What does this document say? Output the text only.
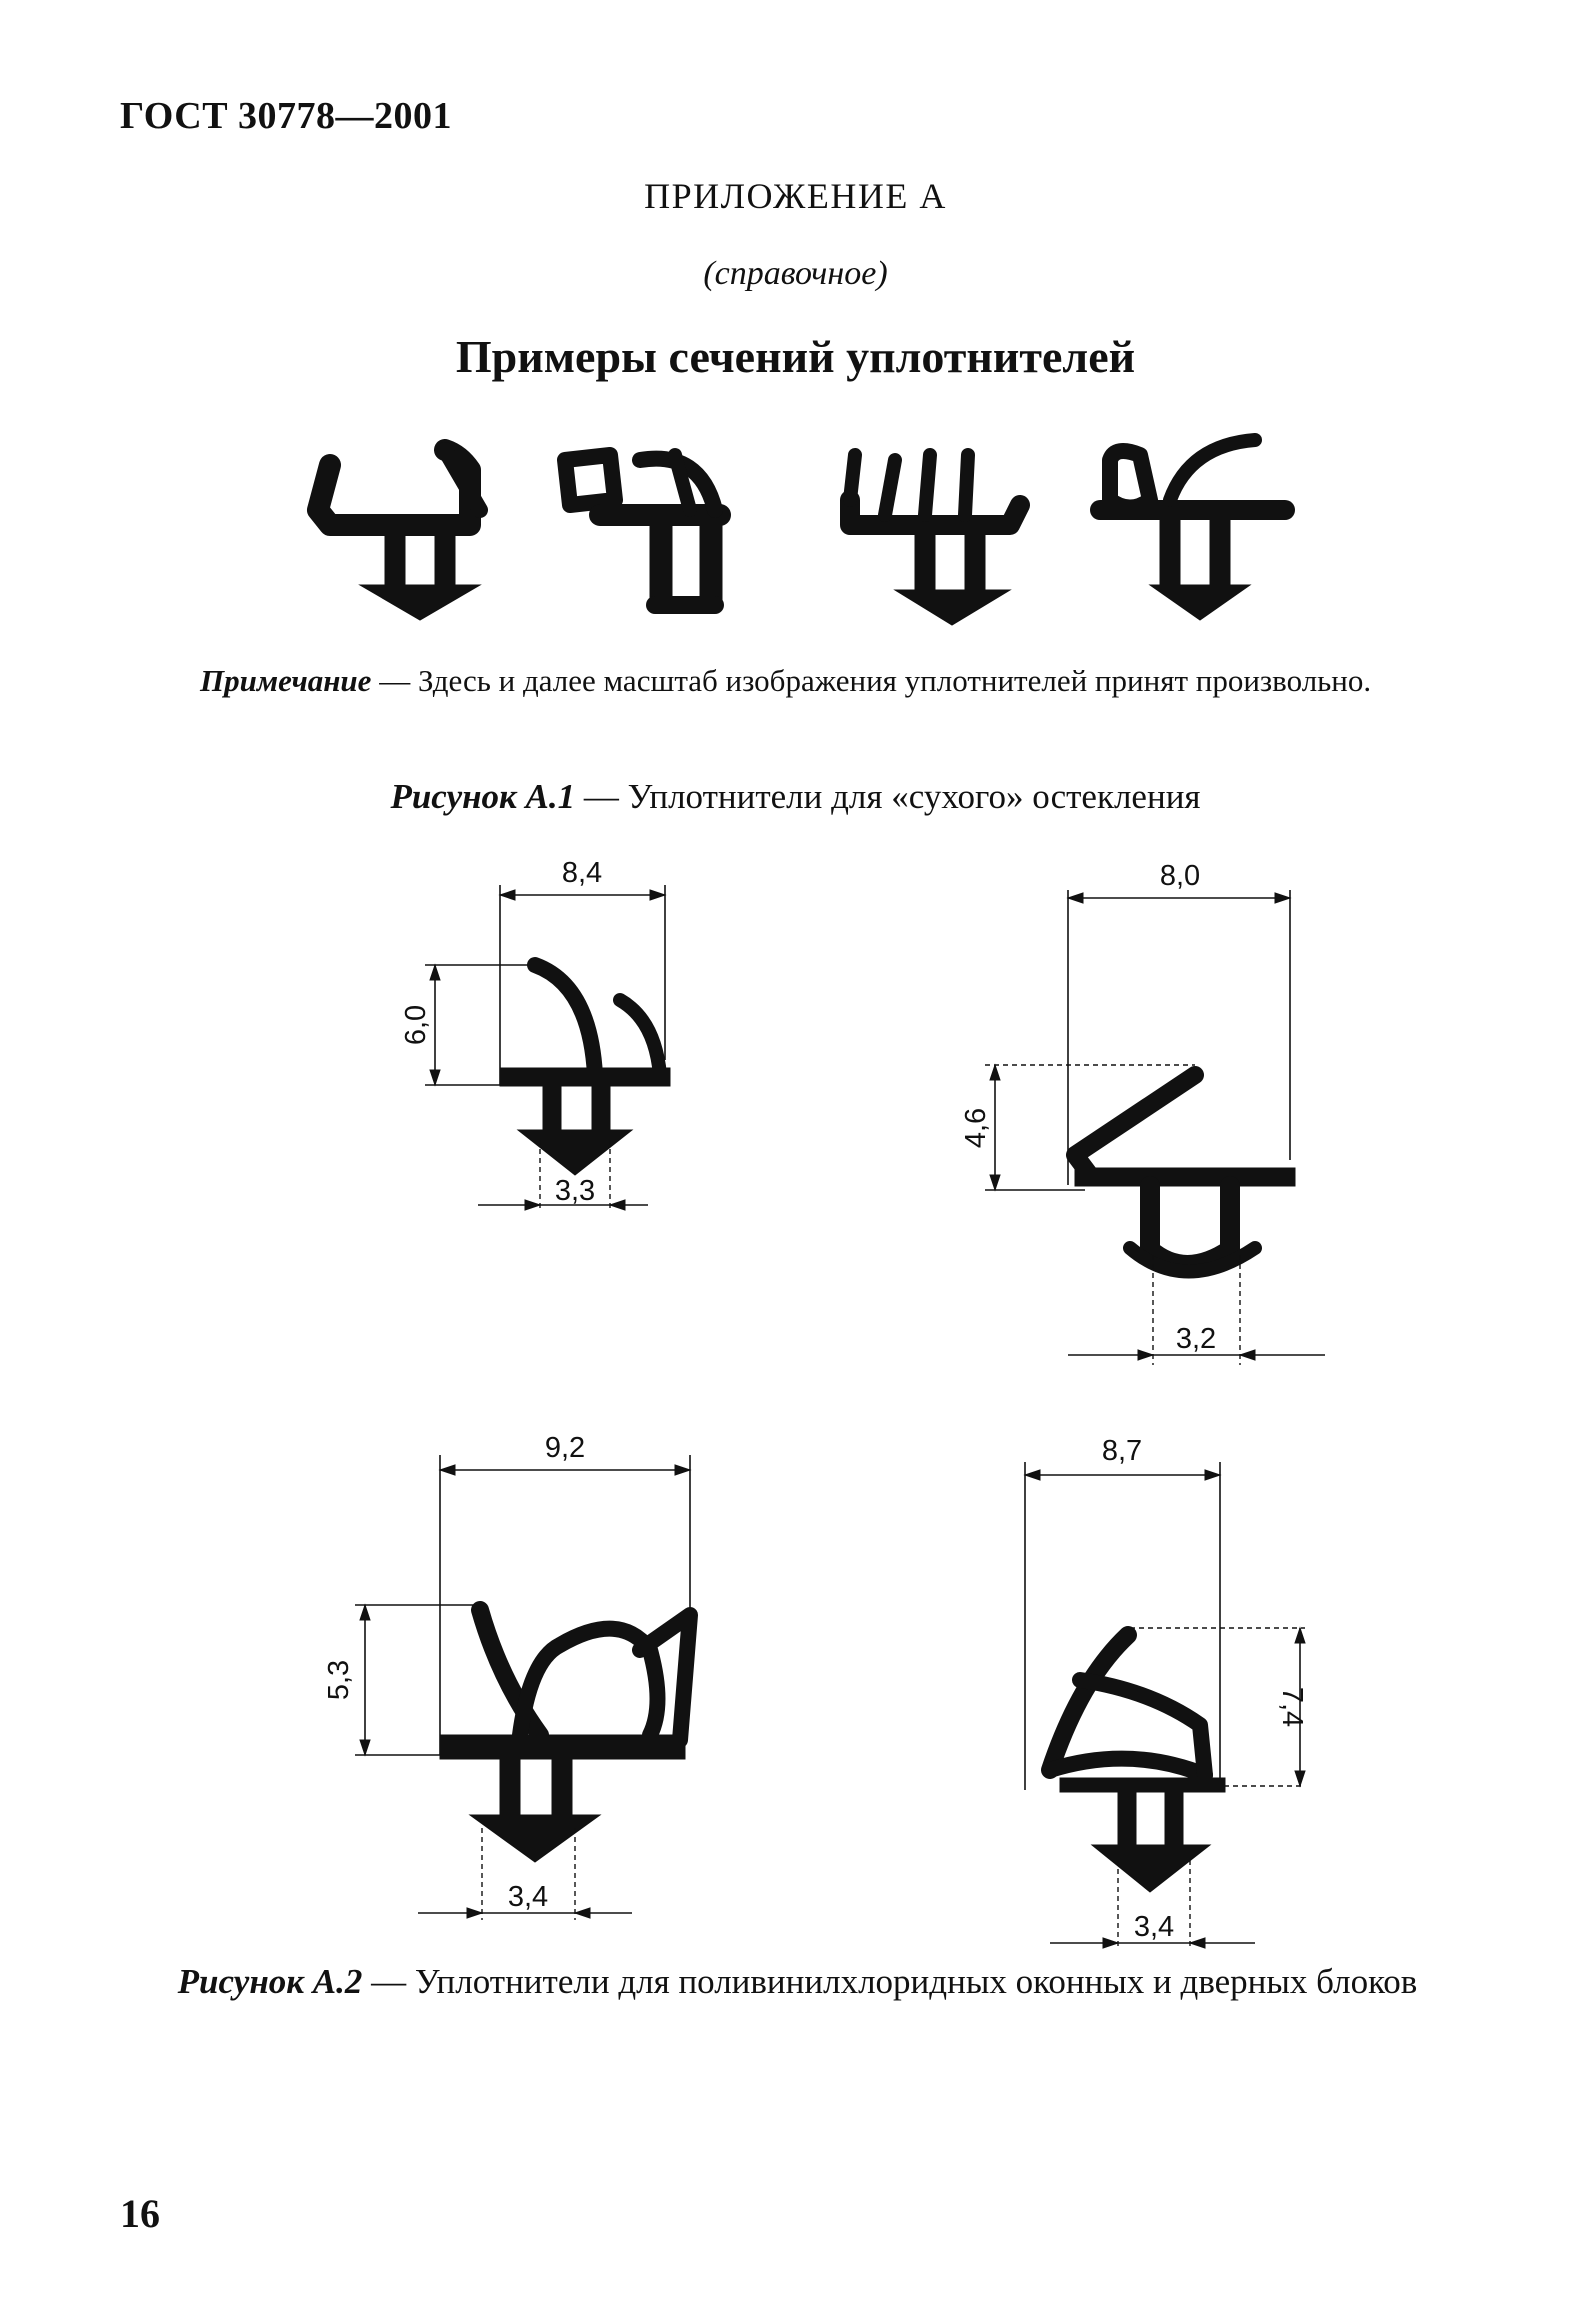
ГОСТ 30778—2001
ПРИЛОЖЕНИЕ А
(справочное)
Примеры сечений уплотнителей
8,4
6,0
3,3
8,0
4,6
3,2
9,2
5,3
3,4
8,7
7,4
3,4
Примечание — Здесь и далее масштаб изображения уплотнителей принят произвольно.
Рисунок А.1 — Уплотнители для «сухого» остекления
Рисунок А.2 — Уплотнители для поливинилхлоридных оконных и дверных блоков
16
